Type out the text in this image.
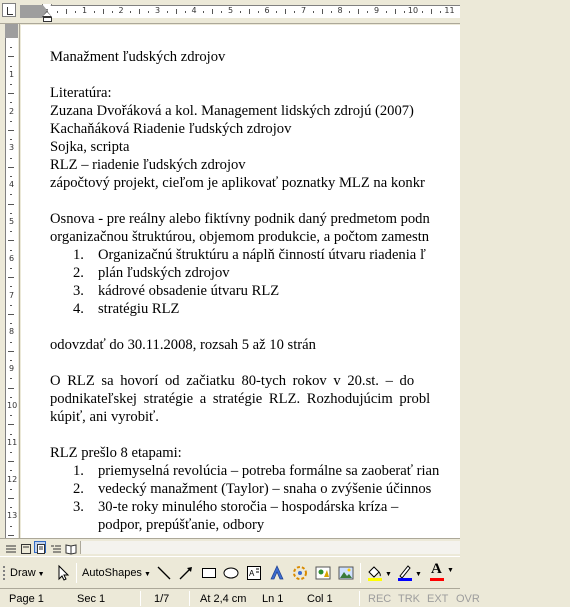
1	2	3	4	5	6	7	8	9	10	11
1
2
3
4
5
6
7
8
9
10
11
12
13

Manažment ľudských zdrojov

Literatúra:

Zuzana Dvořáková a kol. Management lidských zdrojú (2007)

Kachaňáková Riadenie ľudských zdrojov

Sojka, scripta

RLZ – riadenie ľudských zdrojov

zápočtový projekt, cieľom je aplikovať poznatky MLZ na konkr

Osnova - pre reálny alebo fiktívny podnik daný predmetom podn

organizačnou štruktúrou, objemom produkcie, a počtom zamestn

1. Organizačnú štruktúru a náplň činností útvaru riadenia ľ
2. plán ľudských zdrojov
3. kádrové obsadenie útvaru RLZ
4. stratégiu RLZ

odovzdať do 30.11.2008, rozsah 5 až 10 strán

O RLZ sa hovorí od začiatku 80-tych rokov v 20.st. – do

podnikateľskej stratégie a stratégie RLZ. Rozhodujúcim probl

kúpiť, ani vyrobiť.

RLZ prešlo 8 etapami:

1. priemyselná revolúcia – potreba formálne sa zaoberať rian
2. vedecký manažment (Taylor) – snaha o zvýšenie účinnos
3. 30-te roky minulého storočia – hospodárska kríza –
podpor, prepúšťanie, odbory
Draw ▼	AutoShapes ▼	A	▼	▼ A ▼
Page 1	Sec 1	1/7	At 2,4 cm Ln 1 Col 1	REC TRK EXT OVR
